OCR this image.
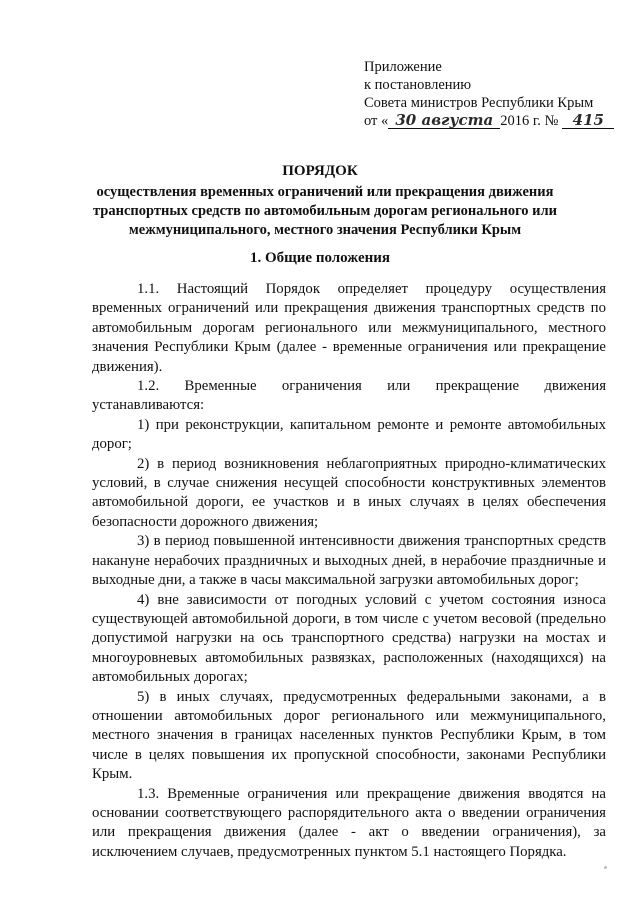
Приложение
к постановлению
Совета министров Республики Крым
от « 30 августа 2016 г. № 415
ПОРЯДОК
осуществления временных ограничений или прекращения движения транспортных средств по автомобильным дорогам регионального или межмуниципального, местного значения Республики Крым
1. Общие положения

1.1. Настоящий Порядок определяет процедуру осуществления временных ограничений или прекращения движения транспортных средств по автомобильным дорогам регионального или межмуниципального, местного значения Республики Крым (далее - временные ограничения или прекращение движения).

1.2. Временные ограничения или прекращение движения устанавливаются:

1) при реконструкции, капитальном ремонте и ремонте автомобильных дорог;

2) в период возникновения неблагоприятных природно-климатических условий, в случае снижения несущей способности конструктивных элементов автомобильной дороги, ее участков и в иных случаях в целях обеспечения безопасности дорожного движения;

3) в период повышенной интенсивности движения транспортных средств накануне нерабочих праздничных и выходных дней, в нерабочие праздничные и выходные дни, а также в часы максимальной загрузки автомобильных дорог;

4) вне зависимости от погодных условий с учетом состояния износа существующей автомобильной дороги, в том числе с учетом весовой (предельно допустимой нагрузки на ось транспортного средства) нагрузки на мостах и многоуровневых автомобильных развязках, расположенных (находящихся) на автомобильных дорогах;

5) в иных случаях, предусмотренных федеральными законами, а в отношении автомобильных дорог регионального или межмуниципального, местного значения в границах населенных пунктов Республики Крым, в том числе в целях повышения их пропускной способности, законами Республики Крым.

1.3. Временные ограничения или прекращение движения вводятся на основании соответствующего распорядительного акта о введении ограничения или прекращения движения (далее - акт о введении ограничения), за исключением случаев, предусмотренных пунктом 5.1 настоящего Порядка.
